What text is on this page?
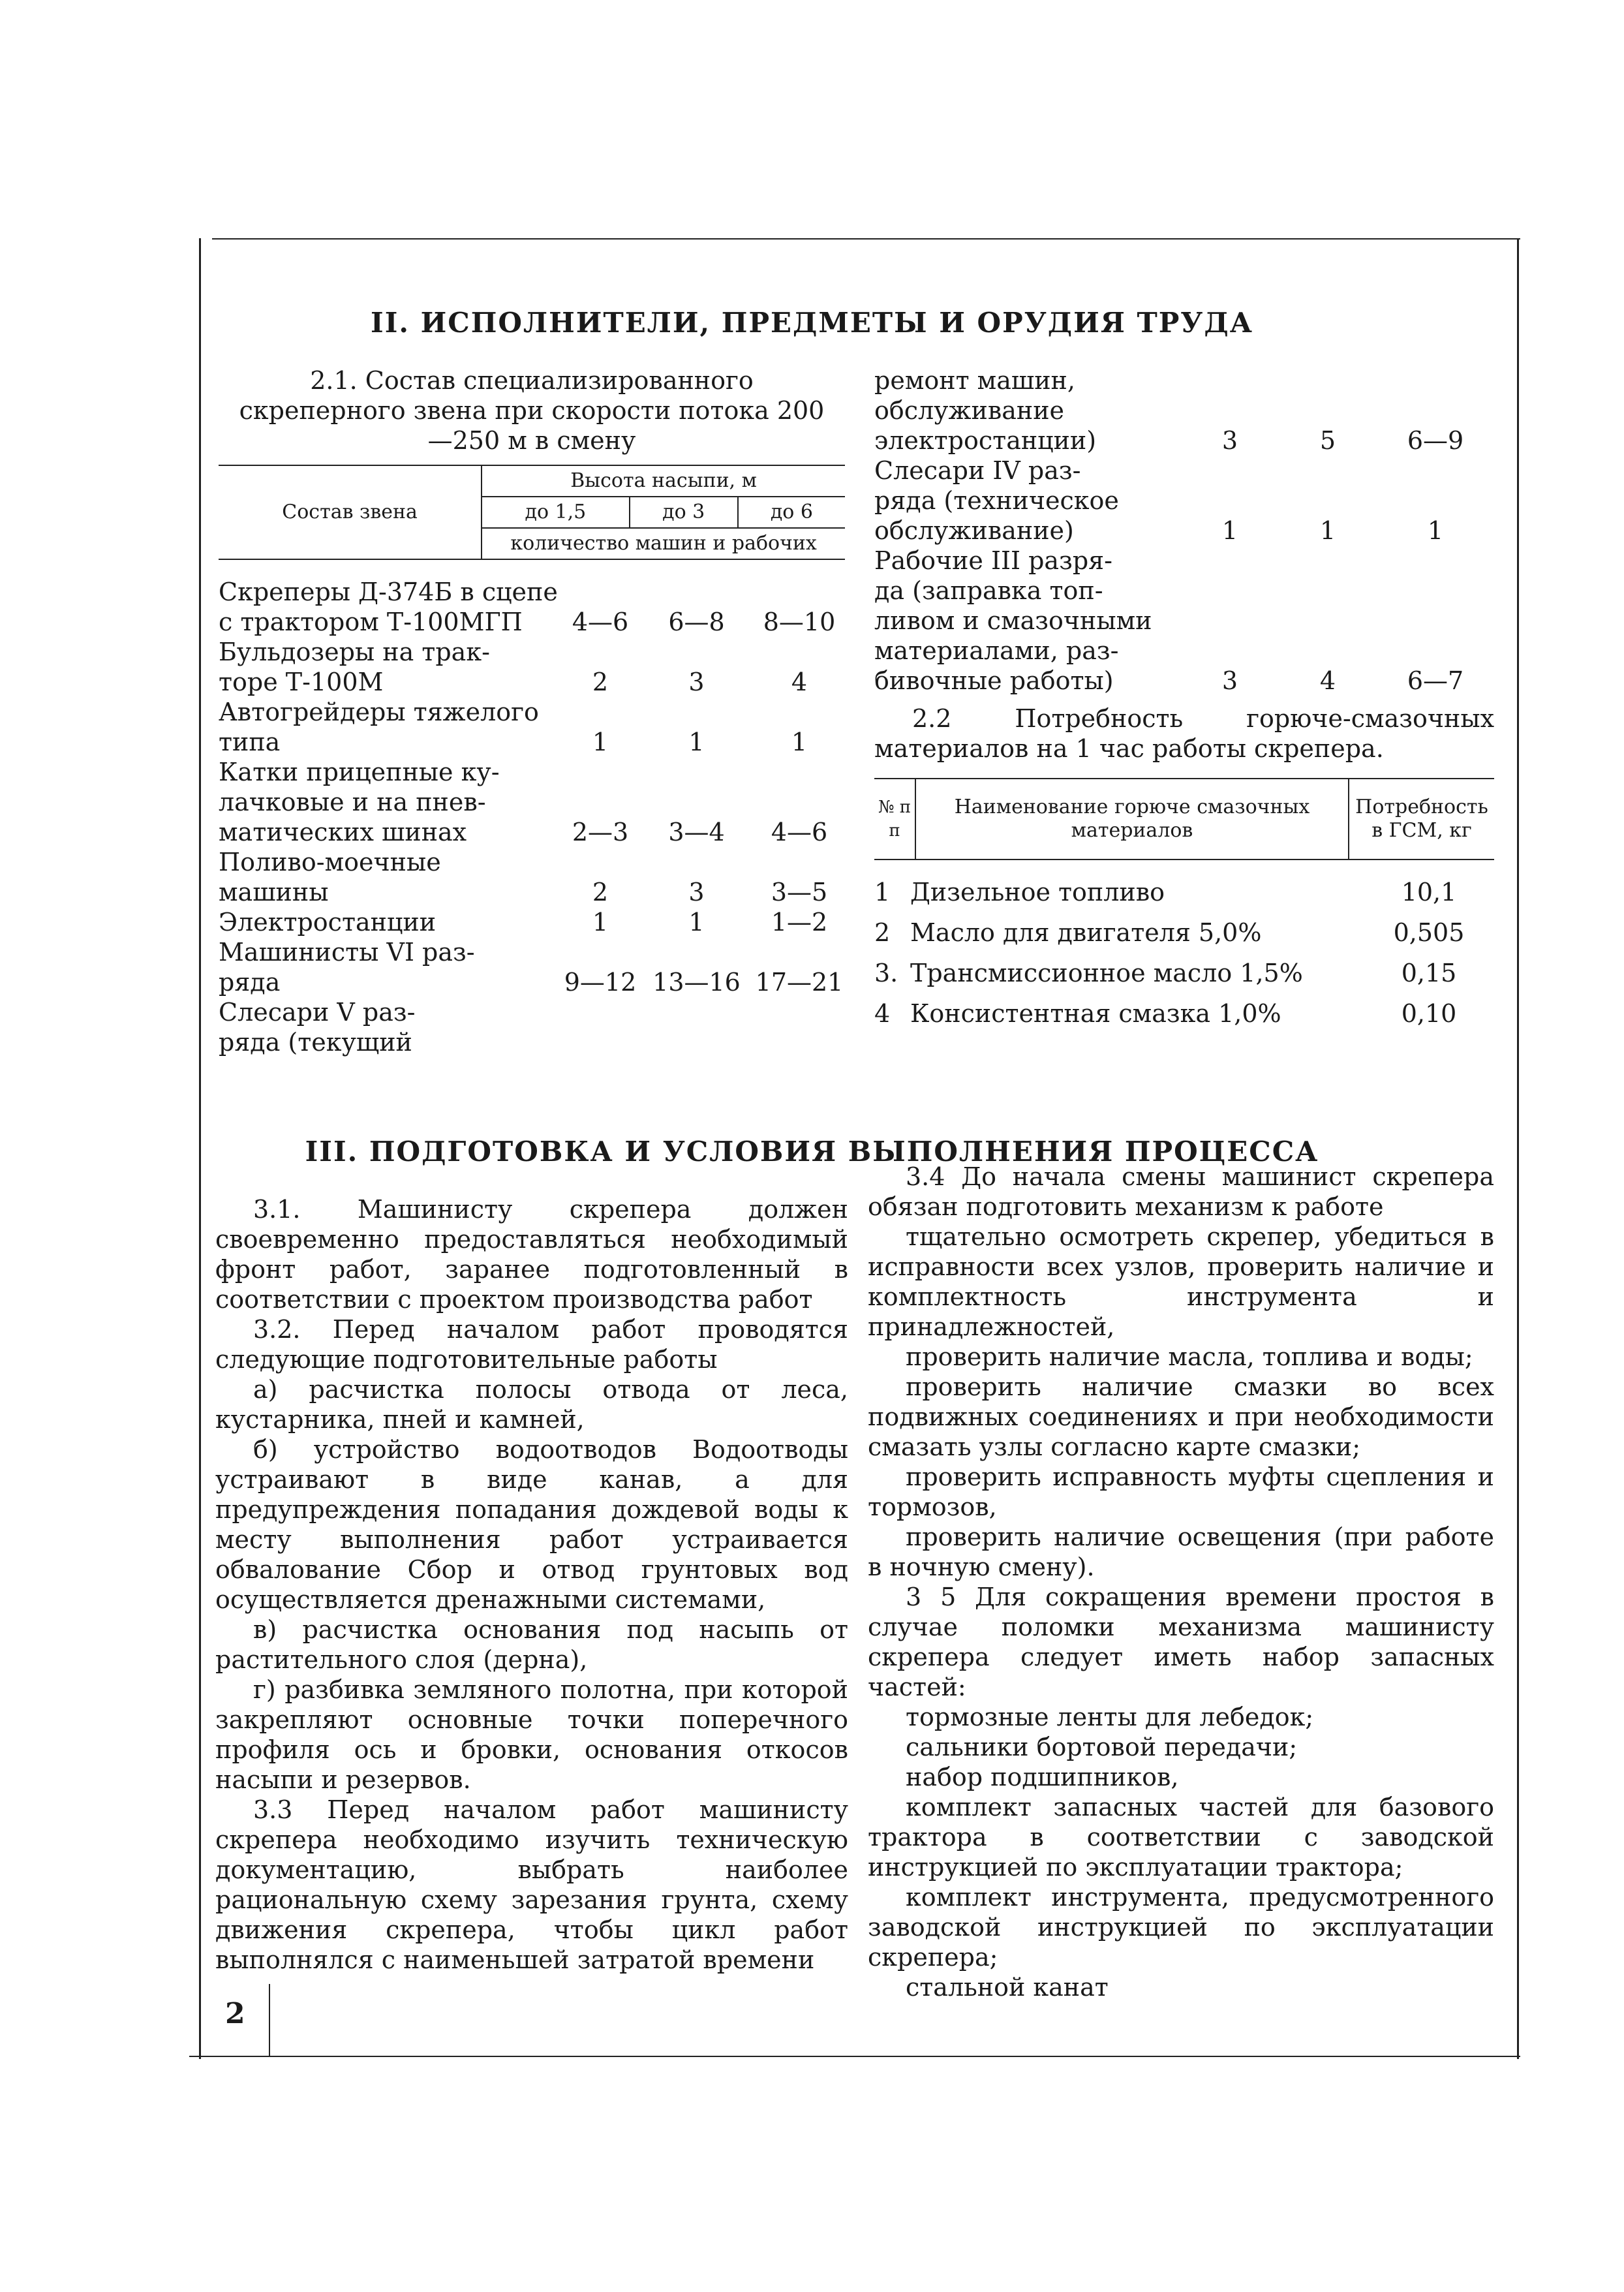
II. ИСПОЛНИТЕЛИ, ПРЕДМЕТЫ И ОРУДИЯ ТРУДА

2.1. Состав специализированного скреперного звена при скорости потока 200—250 м в смену

Состав звена	Высота насыпи, м		
	до 1,5	до 3	до 6
	количество машин и рабочих		
Скреперы Д-374Б в сцепе
с трактором Т-100МГП	4—6	6—8	8—10
Бульдозеры на трак-
торе Т-100М	2	3	4
Автогрейдеры тяжелого
типа	1	1	1
Катки прицепные ку-
лачковые и на пнев-
матических шинах	2—3	3—4	4—6
Поливо-моечные
машины	2	3	3—5
Электростанции	1	1	1—2
Машинисты VI раз-
ряда	9—12 13—16 17—21
Слесари V раз-
ряда (текущий
ремонт машин,
обслуживание
электростанции)	3	5	6—9
Слесари IV раз-
ряда (техническое
обслуживание)	1	1	1
Рабочие III разря-
да (заправка топ-
ливом и смазочными
материалами, раз-
бивочные работы)	3	4	6—7

2.2 Потребность горюче-смазочных материалов на 1 час работы скрепера.

№ п п	Наименование горюче смазочных материалов	Потребность в ГСМ, кг
1 Дизельное топливо	10,1
2 Масло для двигателя 5,0%	0,505
3. Трансмиссионное масло 1,5%	0,15
4 Консистентная смазка 1,0%	0,10
III. ПОДГОТОВКА И УСЛОВИЯ ВЫПОЛНЕНИЯ ПРОЦЕССА

3.1. Машинисту скрепера должен своевременно предоставляться необходимый фронт работ, заранее подготовленный в соответствии с проектом производства работ

3.2. Перед началом работ проводятся следующие подготовительные работы

а) расчистка полосы отвода от леса, кустарника, пней и камней,

б) устройство водоотводов Водоотводы устраивают в виде канав, а для предупреждения попадания дождевой воды к месту выполнения работ устраивается обвалование Сбор и отвод грунтовых вод осуществляется дренажными системами,

в) расчистка основания под насыпь от растительного слоя (дерна),

г) разбивка земляного полотна, при которой закрепляют основные точки поперечного профиля ось и бровки, основания откосов насыпи и резервов.

3.3 Перед началом работ машинисту скрепера необходимо изучить техническую документацию, выбрать наиболее рациональную схему зарезания грунта, схему движения скрепера, чтобы цикл работ выполнялся с наименьшей затратой времени

3.4 До начала смены машинист скрепера обязан подготовить механизм к работе

тщательно осмотреть скрепер, убедиться в исправности всех узлов, проверить наличие и комплектность инструмента и принадлежностей,

проверить наличие масла, топлива и воды;

проверить наличие смазки во всех подвижных соединениях и при необходимости смазать узлы согласно карте смазки;

проверить исправность муфты сцепления и тормозов,

проверить наличие освещения (при работе в ночную смену).

3 5 Для сокращения времени простоя в случае поломки механизма машинисту скрепера следует иметь набор запасных частей:

тормозные ленты для лебедок;

сальники бортовой передачи;

набор подшипников,

комплект запасных частей для базового трактора в соответствии с заводской инструкцией по эксплуатации трактора;

комплект инструмента, предусмотренного заводской инструкцией по эксплуатации скрепера;

стальной канат

2
